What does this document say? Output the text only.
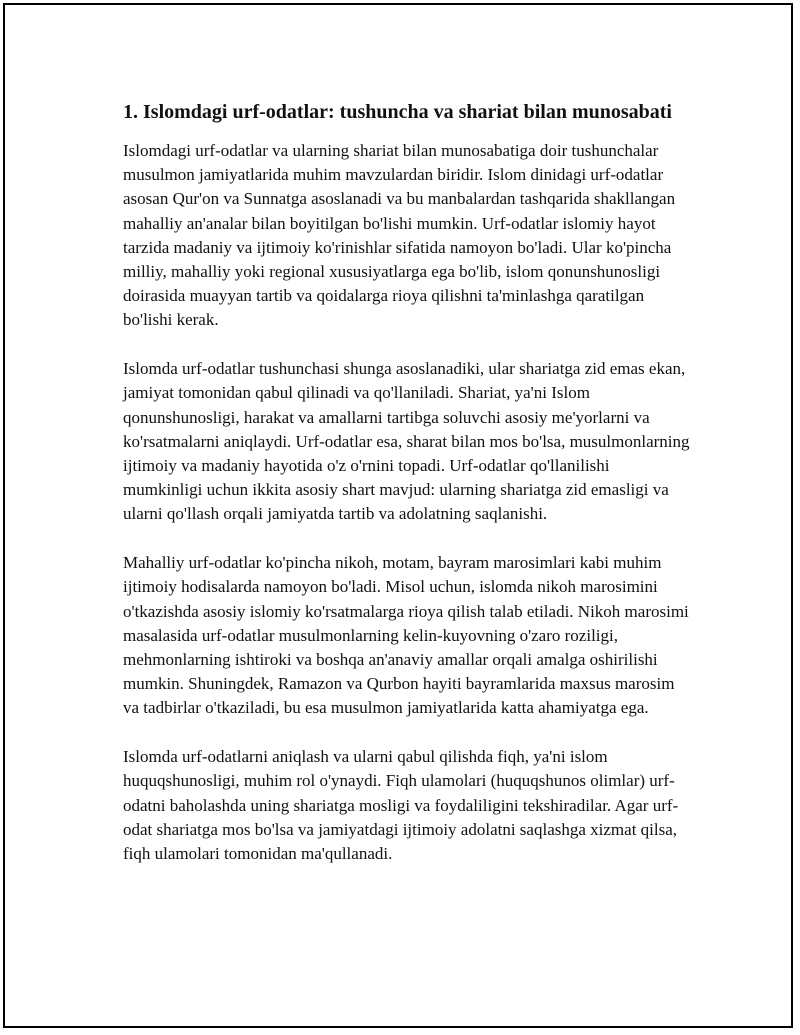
1. Islomdagi urf-odatlar: tushuncha va shariat bilan munosabati

Islomdagi urf-odatlar va ularning shariat bilan munosabatiga doir tushunchalar musulmon jamiyatlarida muhim mavzulardan biridir. Islom dinidagi urf-odatlar asosan Qur'on va Sunnatga asoslanadi va bu manbalardan tashqarida shakllangan mahalliy an'analar bilan boyitilgan bo'lishi mumkin. Urf-odatlar islomiy hayot tarzida madaniy va ijtimoiy ko'rinishlar sifatida namoyon bo'ladi. Ular ko'pincha milliy, mahalliy yoki regional xususiyatlarga ega bo'lib, islom qonunshunosligi doirasida muayyan tartib va qoidalarga rioya qilishni ta'minlashga qaratilgan bo'lishi kerak.

Islomda urf-odatlar tushunchasi shunga asoslanadiki, ular shariatga zid emas ekan, jamiyat tomonidan qabul qilinadi va qo'llaniladi. Shariat, ya'ni Islom qonunshunosligi, harakat va amallarni tartibga soluvchi asosiy me'yorlarni va ko'rsatmalarni aniqlaydi. Urf-odatlar esa, sharat bilan mos bo'lsa, musulmonlarning ijtimoiy va madaniy hayotida o'z o'rnini topadi. Urf-odatlar qo'llanilishi mumkinligi uchun ikkita asosiy shart mavjud: ularning shariatga zid emasligi va ularni qo'llash orqali jamiyatda tartib va adolatning saqlanishi.

Mahalliy urf-odatlar ko'pincha nikoh, motam, bayram marosimlari kabi muhim ijtimoiy hodisalarda namoyon bo'ladi. Misol uchun, islomda nikoh marosimini o'tkazishda asosiy islomiy ko'rsatmalarga rioya qilish talab etiladi. Nikoh marosimi masalasida urf-odatlar musulmonlarning kelin-kuyovning o'zaro roziligi, mehmonlarning ishtiroki va boshqa an'anaviy amallar orqali amalga oshirilishi mumkin. Shuningdek, Ramazon va Qurbon hayiti bayramlarida maxsus marosim va tadbirlar o'tkaziladi, bu esa musulmon jamiyatlarida katta ahamiyatga ega.

Islomda urf-odatlarni aniqlash va ularni qabul qilishda fiqh, ya'ni islom huquqshunosligi, muhim rol o'ynaydi. Fiqh ulamolari (huquqshunos olimlar) urf-odatni baholashda uning shariatga mosligi va foydaliligini tekshiradilar. Agar urf-odat shariatga mos bo'lsa va jamiyatdagi ijtimoiy adolatni saqlashga xizmat qilsa, fiqh ulamolari tomonidan ma'qullanadi.
